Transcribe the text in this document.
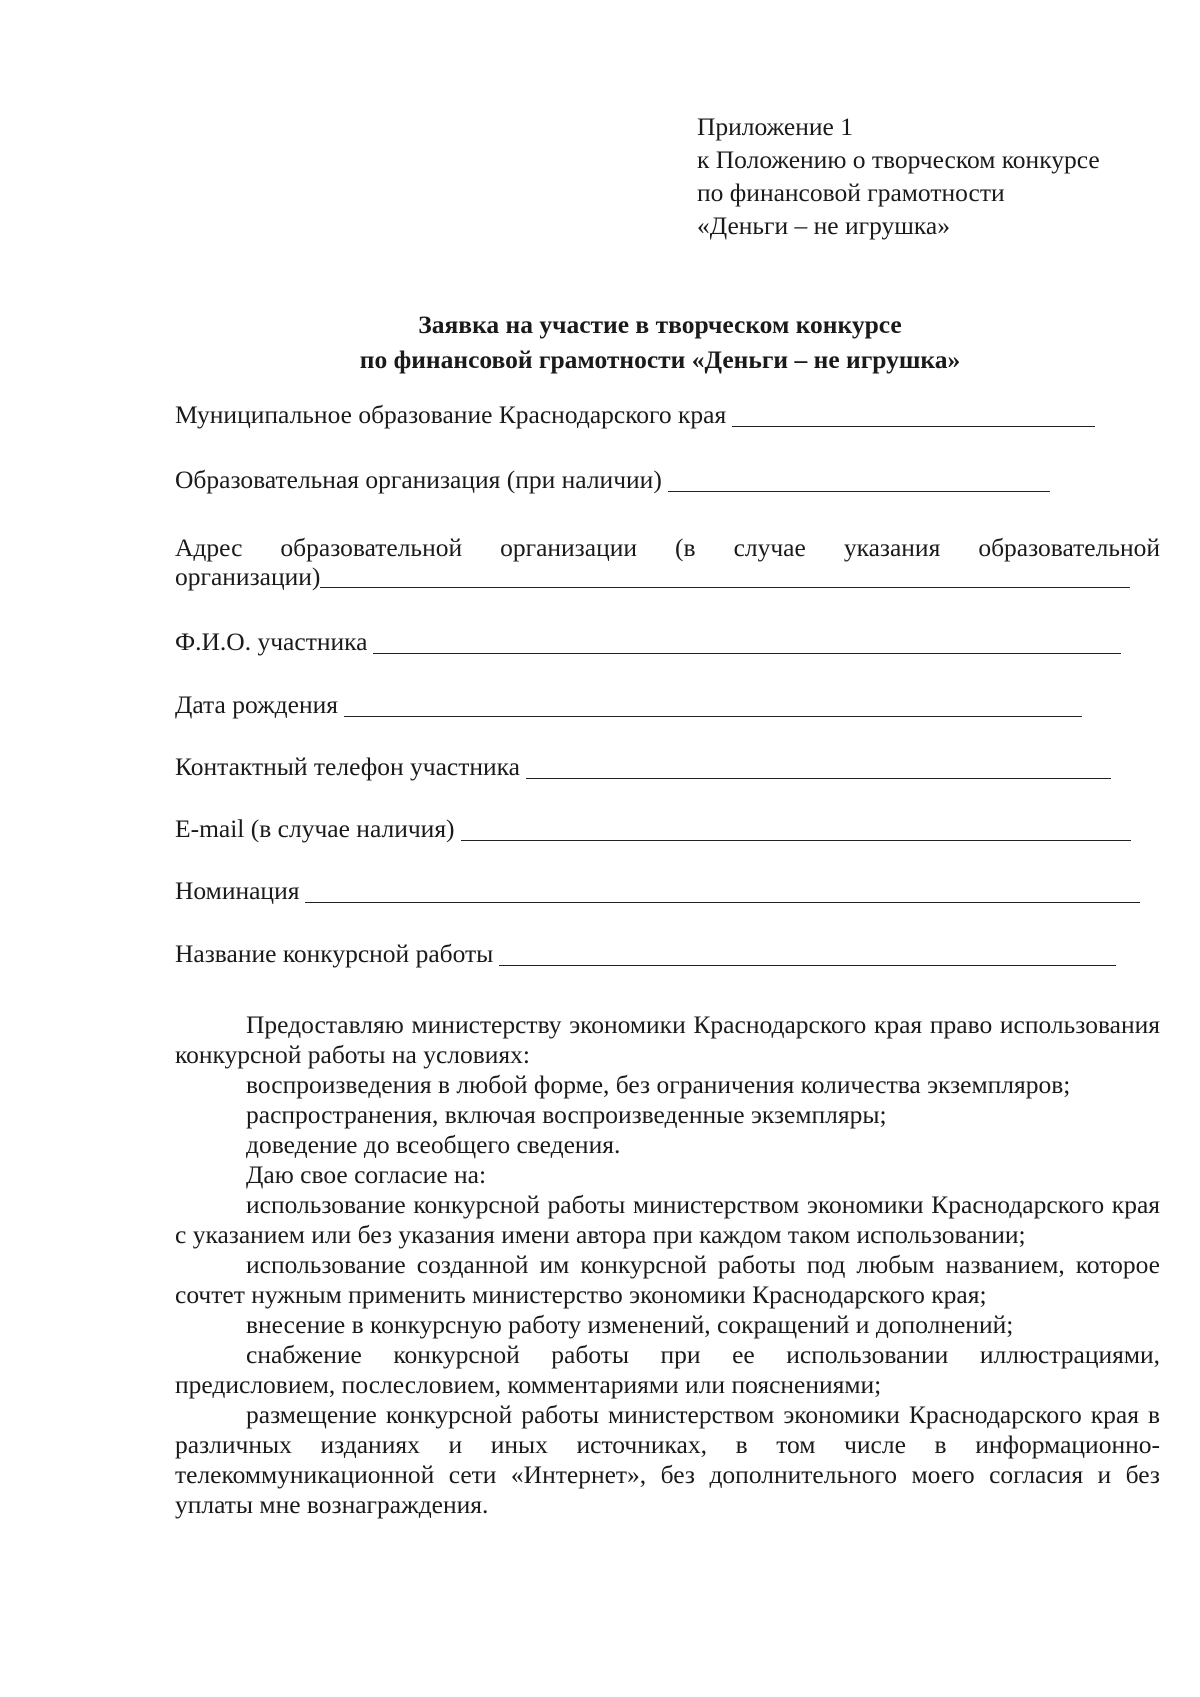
Приложение 1
к Положению о творческом конкурсе
по финансовой грамотности
«Деньги – не игрушка»
Заявка на участие в творческом конкурсе
по финансовой грамотности «Деньги – не игрушка»
Муниципальное образование Краснодарского края
Образовательная организация (при наличии)
Адрес образовательной организации (в случае указания образовательной
организации)
Ф.И.О. участника
Дата рождения
Контактный телефон участника
E-mail (в случае наличия)
Номинация
Название конкурсной работы

Предоставляю министерству экономики Краснодарского края право использования конкурсной работы на условиях:

воспроизведения в любой форме, без ограничения количества экземпляров;

распространения, включая воспроизведенные экземпляры;

доведение до всеобщего сведения.

Даю свое согласие на:

использование конкурсной работы министерством экономики Краснодарского края с указанием или без указания имени автора при каждом таком использовании;

использование созданной им конкурсной работы под любым названием, которое сочтет нужным применить министерство экономики Краснодарского края;

внесение в конкурсную работу изменений, сокращений и дополнений;

снабжение конкурсной работы при ее использовании иллюстрациями, предисловием, послесловием, комментариями или пояснениями;

размещение конкурсной работы министерством экономики Краснодарского края в различных изданиях и иных источниках, в том числе в информационно-телекоммуникационной сети «Интернет», без дополнительного моего согласия и без уплаты мне вознаграждения.
